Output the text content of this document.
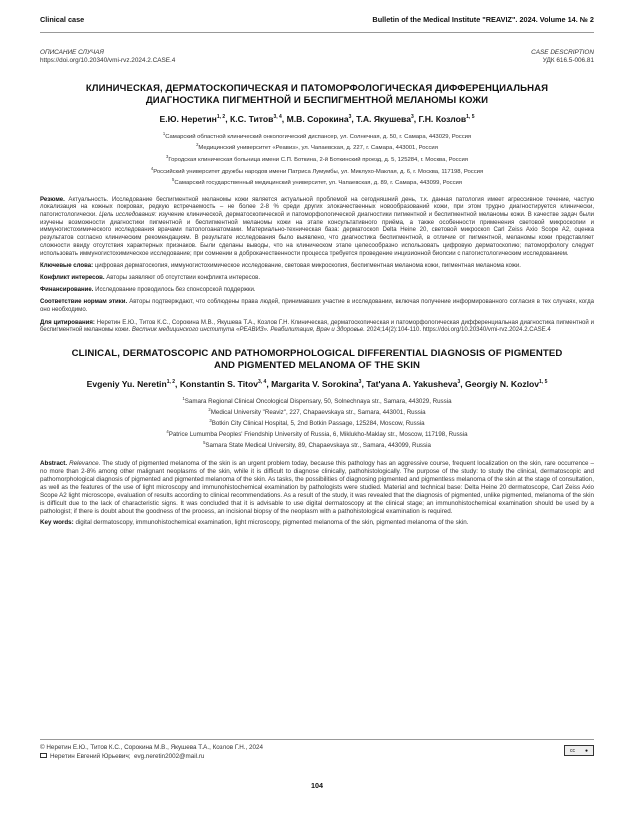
Clinical case	Bulletin of the Medical Institute "REAVIZ". 2024. Volume 14. № 2
ОПИСАНИЕ СЛУЧАЯ
https://doi.org/10.20340/vmi-rvz.2024.2.CASE.4
CASE DESCRIPTION
УДК 616.5-006.81
КЛИНИЧЕСКАЯ, ДЕРМАТОСКОПИЧЕСКАЯ И ПАТОМОРФОЛОГИЧЕСКАЯ ДИФФЕРЕНЦИАЛЬНАЯ ДИАГНОСТИКА ПИГМЕНТНОЙ И БЕСПИГМЕНТНОЙ МЕЛАНОМЫ КОЖИ
Е.Ю. Неретин$^{1, 2}$, К.С. Титов$^{3, 4}$, М.В. Сорокина$^3$, Т.А. Якушева$^3$, Г.Н. Козлов$^{1, 5}$
$^1$Самарский областной клинический онкологический диспансер, ул. Солнечная, д. 50, г. Самара, 443029, Россия
$^2$Медицинский университет «Реавиз», ул. Чапаевская, д. 227, г. Самара, 443001, Россия
$^3$Городская клиническая больница имени С.П. Боткина, 2-й Боткинский проезд, д. 5, 125284, г. Москва, Россия
$^4$Российский университет дружбы народов имени Патриса Лумумбы, ул. Миклухо-Маклая, д. 6, г. Москва, 117198, Россия
$^5$Самарский государственный медицинский университет, ул. Чапаевская, д. 89, г. Самара, 443099, Россия
Резюме. Актуальность. Исследование беспигментной меланомы кожи является актуальной проблемой на сегодняшний день, т.к. данная патология имеет агрессивное течение, частую локализация на кожных покровах, редкую встречаемость – не более 2-8 % среди других злокачественных новообразований кожи, при этом трудно диагностируется клинически, патогистологически. Цель исследования: изучение клинической, дерматоскопической и патоморфологической диагностики пигментной и беспигментной меланомы кожи. В качестве задач были изучены возможности диагностики пигментной и беспигментной меланомы кожи на этапе консультативного приёма, а также особенности применения световой микроскопии и иммуногистохимического исследования врачами патологоанатомами. Материально-техническая база: дерматоскоп Delta Heine 20, световой микроскоп Carl Zeiss Axio Scope A2, оценка результатов согласно клиническим рекомендациям. В результате исследования было выявлено, что диагностика беспигментной, в отличие от пигментной, меланомы кожи представляет сложности ввиду отсутствия характерных признаков. Были сделаны выводы, что на клиническом этапе целесообразно использовать цифровую дерматоскопию; патоморфологу следует использовать иммуногистохимическое исследование; при сомнении в доброкачественности процесса требуется проведение инцизионной биопсии с патогистологическим исследованием.
Ключевые слова: цифровая дерматоскопия, иммуногистохимическое исследование, световая микроскопия, беспигментная меланома кожи, пигментная меланома кожи.
Конфликт интересов. Авторы заявляют об отсутствии конфликта интересов.
Финансирование. Исследование проводилось без спонсорской поддержки.
Соответствие нормам этики. Авторы подтверждают, что соблюдены права людей, принимавших участие в исследовании, включая получение информированного согласия в тех случаях, когда оно необходимо.
Для цитирования: Неретин Е.Ю., Титов К.С., Сорокина М.В., Якушева Т.А., Козлов Г.Н. Клиническая, дерматоскопическая и патоморфологическая дифференциальная диагностика пигментной и беспигментной меланомы кожи. Вестник медицинского института «РЕАВИЗ». Реабилитация, Врач и Здоровье. 2024;14(2):104-110. https://doi.org/10.20340/vmi-rvz.2024.2.CASE.4
CLINICAL, DERMATOSCOPIC AND PATHOMORPHOLOGICAL DIFFERENTIAL DIAGNOSIS OF PIGMENTED AND PIGMENTED MELANOMA OF THE SKIN
Evgeniy Yu. Neretin$^{1, 2}$, Konstantin S. Titov$^{3, 4}$, Margarita V. Sorokina$^3$, Tat'yana A. Yakusheva$^3$, Georgiy N. Kozlov$^{1, 5}$
$^1$Samara Regional Clinical Oncological Dispensary, 50, Solnechnaya str., Samara, 443029, Russia
$^2$Medical University "Reaviz", 227, Chapaevskaya str., Samara, 443001, Russia
$^3$Botkin City Clinical Hospital, 5, 2nd Botkin Passage, 125284, Moscow, Russia
$^4$Patrice Lumumba Peoples' Friendship University of Russia, 6, Miklukho-Maklay str., Moscow, 117198, Russia
$^5$Samara State Medical University, 89, Chapaevskaya str., Samara, 443099, Russia
Abstract. Relevance. The study of pigmented melanoma of the skin is an urgent problem today, because this pathology has an aggressive course, frequent localization on the skin, rare occurrence – no more than 2-8% among other malignant neoplasms of the skin, while it is difficult to diagnose clinically, pathohistologically. The purpose of the study: to study the clinical, dermatoscopic and pathomorphological diagnosis of pigmented and pigmented melanoma of the skin. As tasks, the possibilities of diagnosing pigmented and pigmentless melanoma of the skin at the stage of consultation, as well as the features of the use of light microscopy and immunohistochemical examination by pathologists were studied. Material and technical base: Delta Heine 20 dermatoscope, Carl Zeiss Axio Scope A2 light microscope, evaluation of results according to clinical recommendations. As a result of the study, it was revealed that the diagnosis of pigmented, unlike pigmented, melanoma of the skin is difficult due to the lack of characteristic signs. It was concluded that it is advisable to use digital dermatoscopy at the clinical stage; an immunohistochemical examination should be used by a pathologist; if there is doubt about the goodness of the process, an incisional biopsy of the neoplasm with a pathohistological examination is required.
Key words: digital dermatoscopy, immunohistochemical examination, light microscopy, pigmented melanoma of the skin, pigmented melanoma of the skin.
© Неретин Е.Ю., Титов К.С., Сорокина М.В., Якушева Т.А., Козлов Г.Н., 2024
Неретин Евгений Юрьевич; evg.neretin2002@mail.ru
cc ●
104
